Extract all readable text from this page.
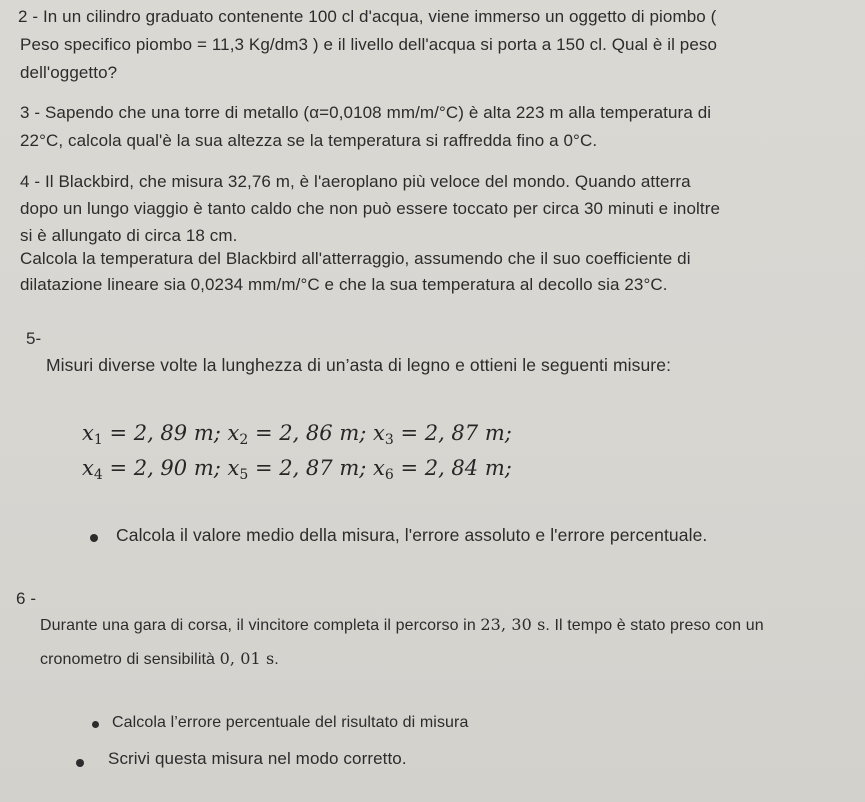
2 - In un cilindro graduato contenente 100 cl d'acqua, viene immerso un oggetto di piombo (
Peso specifico piombo = 11,3 Kg/dm3 ) e il livello dell'acqua si porta a 150 cl. Qual è il peso
dell'oggetto?
3 - Sapendo che una torre di metallo (α=0,0108 mm/m/°C) è alta 223 m alla temperatura di
22°C, calcola qual'è la sua altezza se la temperatura si raffredda fino a 0°C.
4 - Il Blackbird, che misura 32,76 m, è l'aeroplano più veloce del mondo. Quando atterra
dopo un lungo viaggio è tanto caldo che non può essere toccato per circa 30 minuti e inoltre
si è allungato di circa 18 cm.
Calcola la temperatura del Blackbird all'atterraggio, assumendo che il suo coefficiente di
dilatazione lineare sia 0,0234 mm/m/°C e che la sua temperatura al decollo sia 23°C.
5-
Misuri diverse volte la lunghezza di un’asta di legno e ottieni le seguenti misure:
$x_1 = 2$, 89 m; $x_2 = 2$, 86 m; $x_3 = 2$, 87 m;
$x_4 = 2$, 90 m; $x_5 = 2$, 87 m; $x_6 = 2$, 84 m;
Calcola il valore medio della misura, l'errore assoluto e l'errore percentuale.
6 -
Durante una gara di corsa, il vincitore completa il percorso in 23, 30 s. Il tempo è stato preso con un
cronometro di sensibilità 0, 01 s.
Calcola l’errore percentuale del risultato di misura
Scrivi questa misura nel modo corretto.
